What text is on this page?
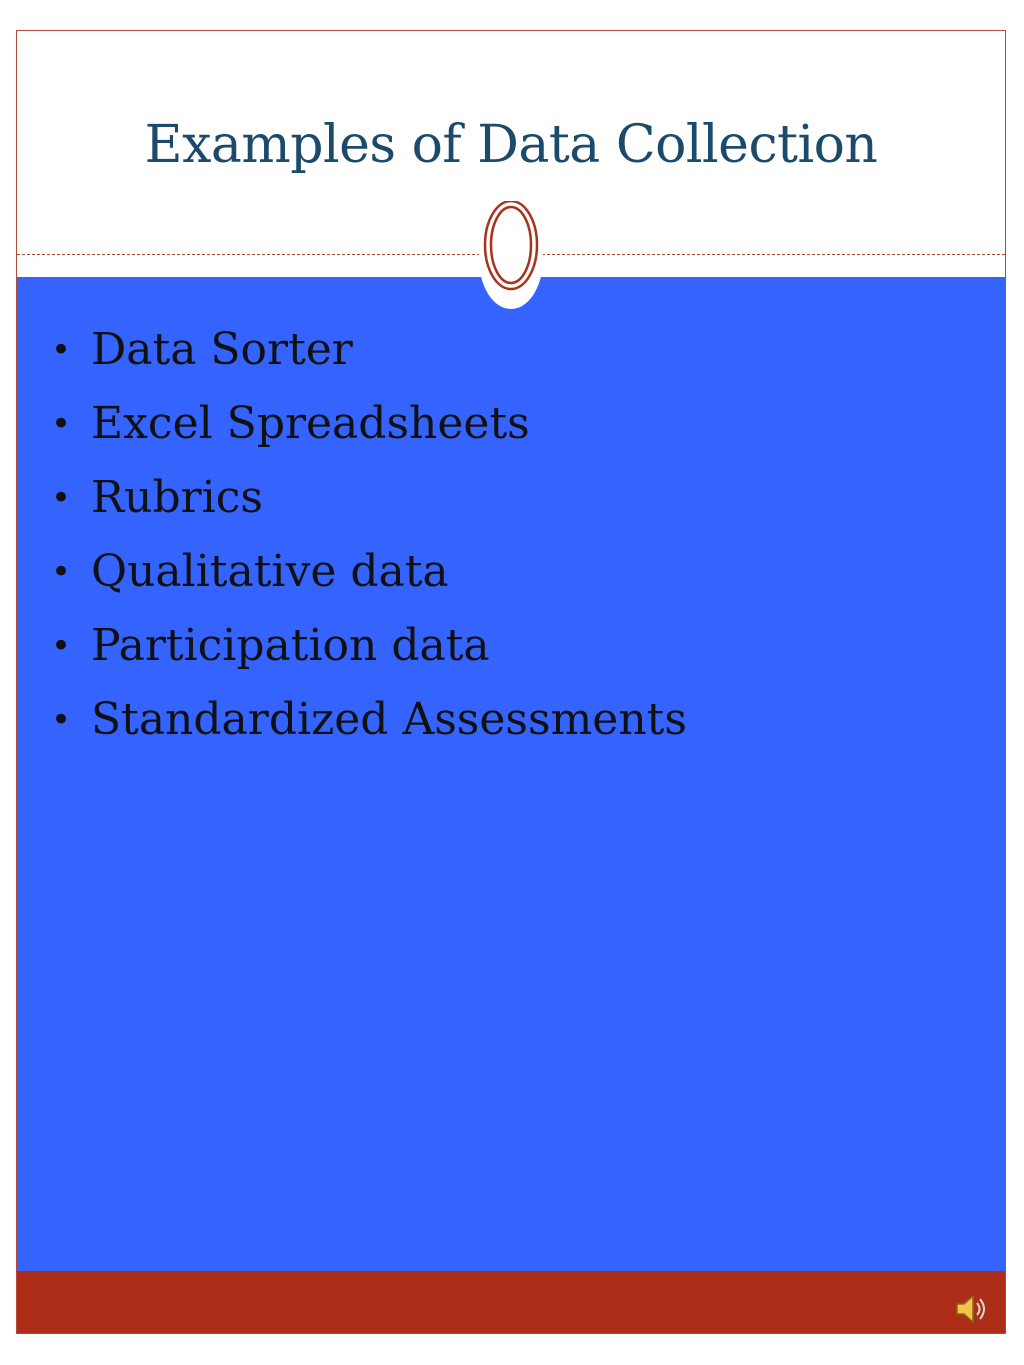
Examples of Data Collection
• Data Sorter
• Excel Spreadsheets
• Rubrics
• Qualitative data
• Participation data
• Standardized Assessments
